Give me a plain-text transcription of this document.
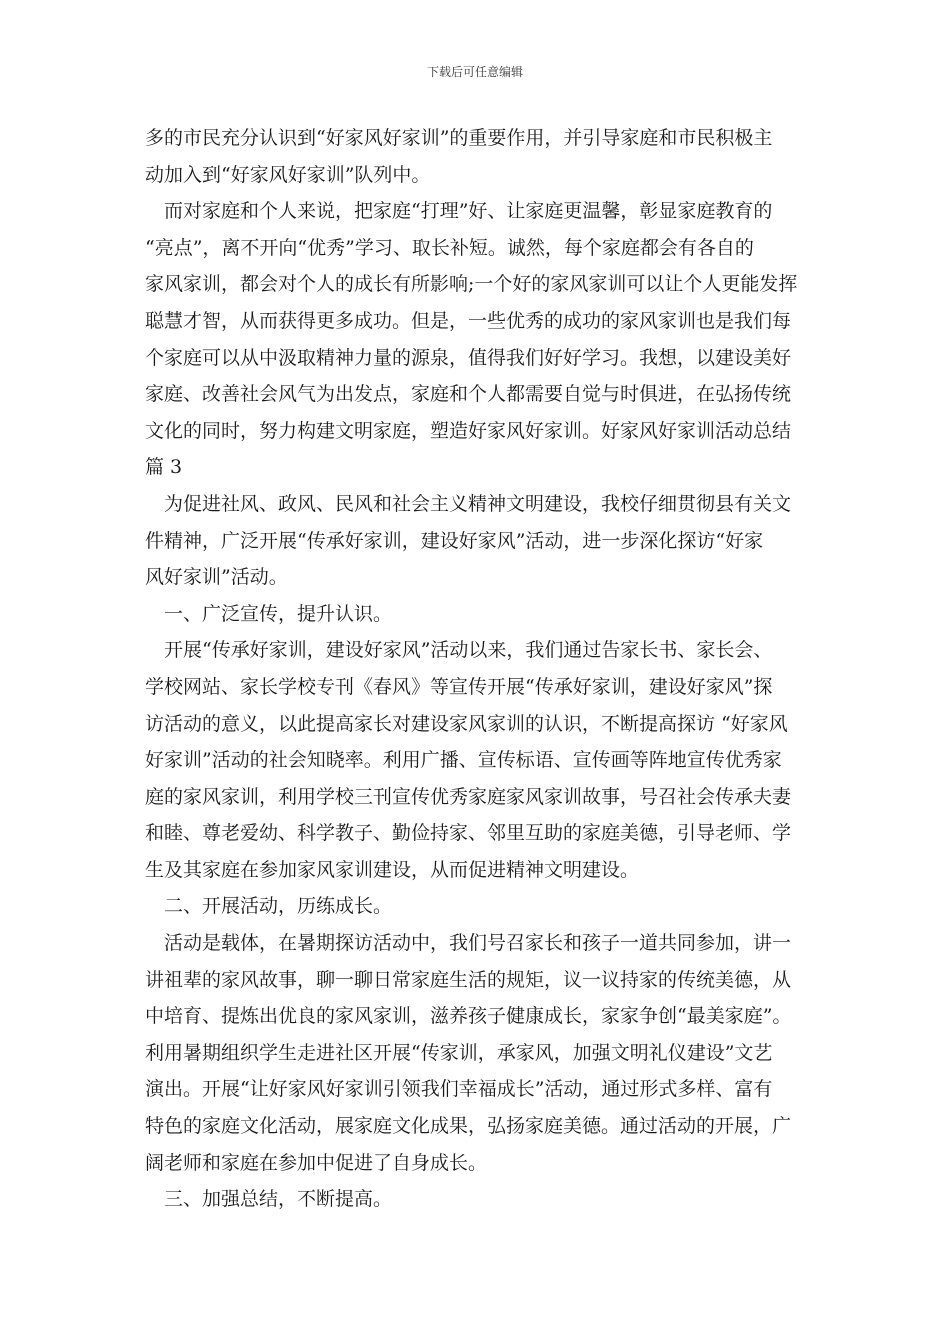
下载后可任意编辑
多的市民充分认识到“好家风好家训”的重要作用，并引导家庭和市民积极主
动加入到“好家风好家训”队列中。
而对家庭和个人来说，把家庭“打理”好、让家庭更温馨，彰显家庭教育的
“亮点”，离不开向“优秀”学习、取长补短。诚然，每个家庭都会有各自的
家风家训，都会对个人的成长有所影响;一个好的家风家训可以让个人更能发挥
聪慧才智，从而获得更多成功。但是，一些优秀的成功的家风家训也是我们每
个家庭可以从中汲取精神力量的源泉，值得我们好好学习。我想，以建设美好
家庭、改善社会风气为出发点，家庭和个人都需要自觉与时俱进，在弘扬传统
文化的同时，努力构建文明家庭，塑造好家风好家训。好家风好家训活动总结
篇 3
为促进社风、政风、民风和社会主义精神文明建设，我校仔细贯彻县有关文
件精神，广泛开展“传承好家训，建设好家风”活动，进一步深化探访“好家
风好家训”活动。
一、广泛宣传，提升认识。
开展“传承好家训，建设好家风”活动以来，我们通过告家长书、家长会、
学校网站、家长学校专刊《春风》等宣传开展“传承好家训，建设好家风”探
访活动的意义，以此提高家长对建设家风家训的认识，不断提高探访 “好家风
好家训”活动的社会知晓率。利用广播、宣传标语、宣传画等阵地宣传优秀家
庭的家风家训，利用学校三刊宣传优秀家庭家风家训故事，号召社会传承夫妻
和睦、尊老爱幼、科学教子、勤俭持家、邻里互助的家庭美德，引导老师、学
生及其家庭在参加家风家训建设，从而促进精神文明建设。
二、开展活动，历练成长。
活动是载体，在暑期探访活动中，我们号召家长和孩子一道共同参加，讲一
讲祖辈的家风故事，聊一聊日常家庭生活的规矩，议一议持家的传统美德，从
中培育、提炼出优良的家风家训，滋养孩子健康成长，家家争创“最美家庭”。
利用暑期组织学生走进社区开展“传家训，承家风，加强文明礼仪建设”文艺
演出。开展“让好家风好家训引领我们幸福成长”活动，通过形式多样、富有
特色的家庭文化活动，展家庭文化成果，弘扬家庭美德。通过活动的开展，广
阔老师和家庭在参加中促进了自身成长。
三、加强总结，不断提高。
